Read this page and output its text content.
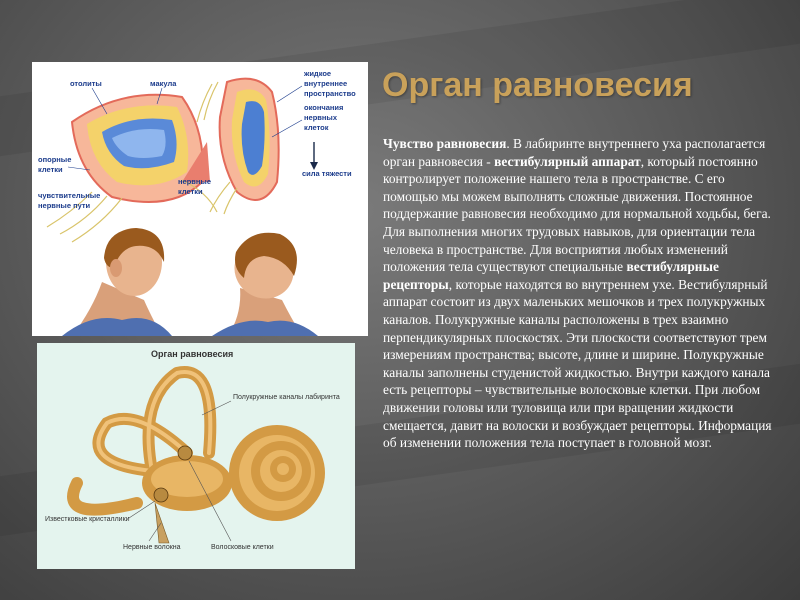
отолиты	макула
жидкое
внутреннее
пространство
окончания
нервных
клеток
опорные
клетки
нервные
клетки
сила тяжести
чувствительные
нервные пути
Орган равновесия
Полукружные каналы лабиринта
Известковые кристаллики
Нервные волокна	Волосковые клетки
Орган равновесия
Чувство равновесия. В лабиринте внутреннего уха располагается орган равновесия - вестибулярный аппарат, который постоянно контролирует положение нашего тела в пространстве. С его помощью мы можем выполнять сложные движения. Постоянное поддержание равновесия необходимо для нормальной ходьбы, бега. Для выполнения многих трудовых навыков, для ориентации тела человека в пространстве. Для восприятия любых изменений положения тела существуют специальные вестибулярные рецепторы, которые находятся во внутреннем ухе. Вестибулярный аппарат состоит из двух маленьких мешочков и трех полукружных каналов. Полукружные каналы расположены в трех взаимно перпендикулярных плоскостях. Эти плоскости соответствуют трем измерениям пространства; высоте, длине и ширине. Полукружные каналы заполнены студенистой жидкостью. Внутри каждого канала есть рецепторы – чувствительные волосковые клетки. При любом движении головы или туловища или при вращении жидкости смещается, давит на волоски и возбуждает рецепторы. Информация об изменении положения тела поступает в головной мозг.
